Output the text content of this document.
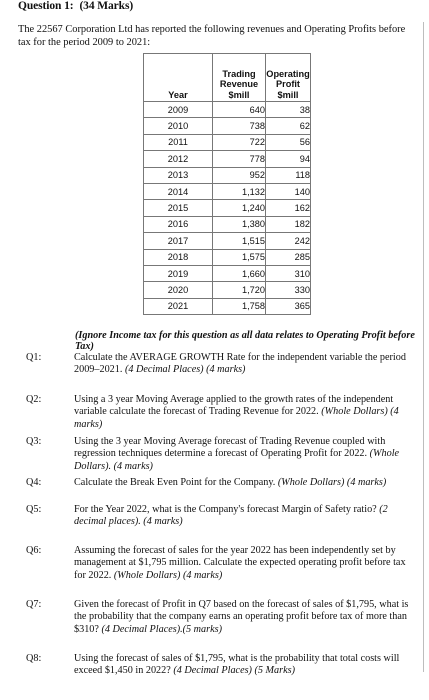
Question 1: (34 Marks)
The 22567 Corporation Ltd has reported the following revenues and Operating Profits before tax for the period 2009 to 2021:
Year	Trading
Revenue
$mill	Operating
Profit
$mill
2009	640	38
2010	738	62
2011	722	56
2012	778	94
2013	952	118
2014	1,132	140
2015	1,240	162
2016	1,380	182
2017	1,515	242
2018	1,575	285
2019	1,660	310
2020	1,720	330
2021	1,758	365
(Ignore Income tax for this question as all data relates to Operating Profit before Tax)
Q1:	Calculate the AVERAGE GROWTH Rate for the independent variable the period 2009–2021. (4 Decimal Places) (4 marks)
Q2:	Using a 3 year Moving Average applied to the growth rates of the independent variable calculate the forecast of Trading Revenue for 2022. (Whole Dollars) (4 marks)
Q3:	Using the 3 year Moving Average forecast of Trading Revenue coupled with regression techniques determine a forecast of Operating Profit for 2022. (Whole Dollars). (4 marks)
Q4:	Calculate the Break Even Point for the Company. (Whole Dollars) (4 marks)
Q5:	For the Year 2022, what is the Company's forecast Margin of Safety ratio? (2 decimal places). (4 marks)
Q6:	Assuming the forecast of sales for the year 2022 has been independently set by management at $1,795 million. Calculate the expected operating profit before tax for 2022. (Whole Dollars) (4 marks)
Q7:	Given the forecast of Profit in Q7 based on the forecast of sales of $1,795, what is the probability that the company earns an operating profit before tax of more than $310? (4 Decimal Places).(5 marks)
Q8:	Using the forecast of sales of $1,795, what is the probability that total costs will exceed $1,450 in 2022? (4 Decimal Places) (5 Marks)
